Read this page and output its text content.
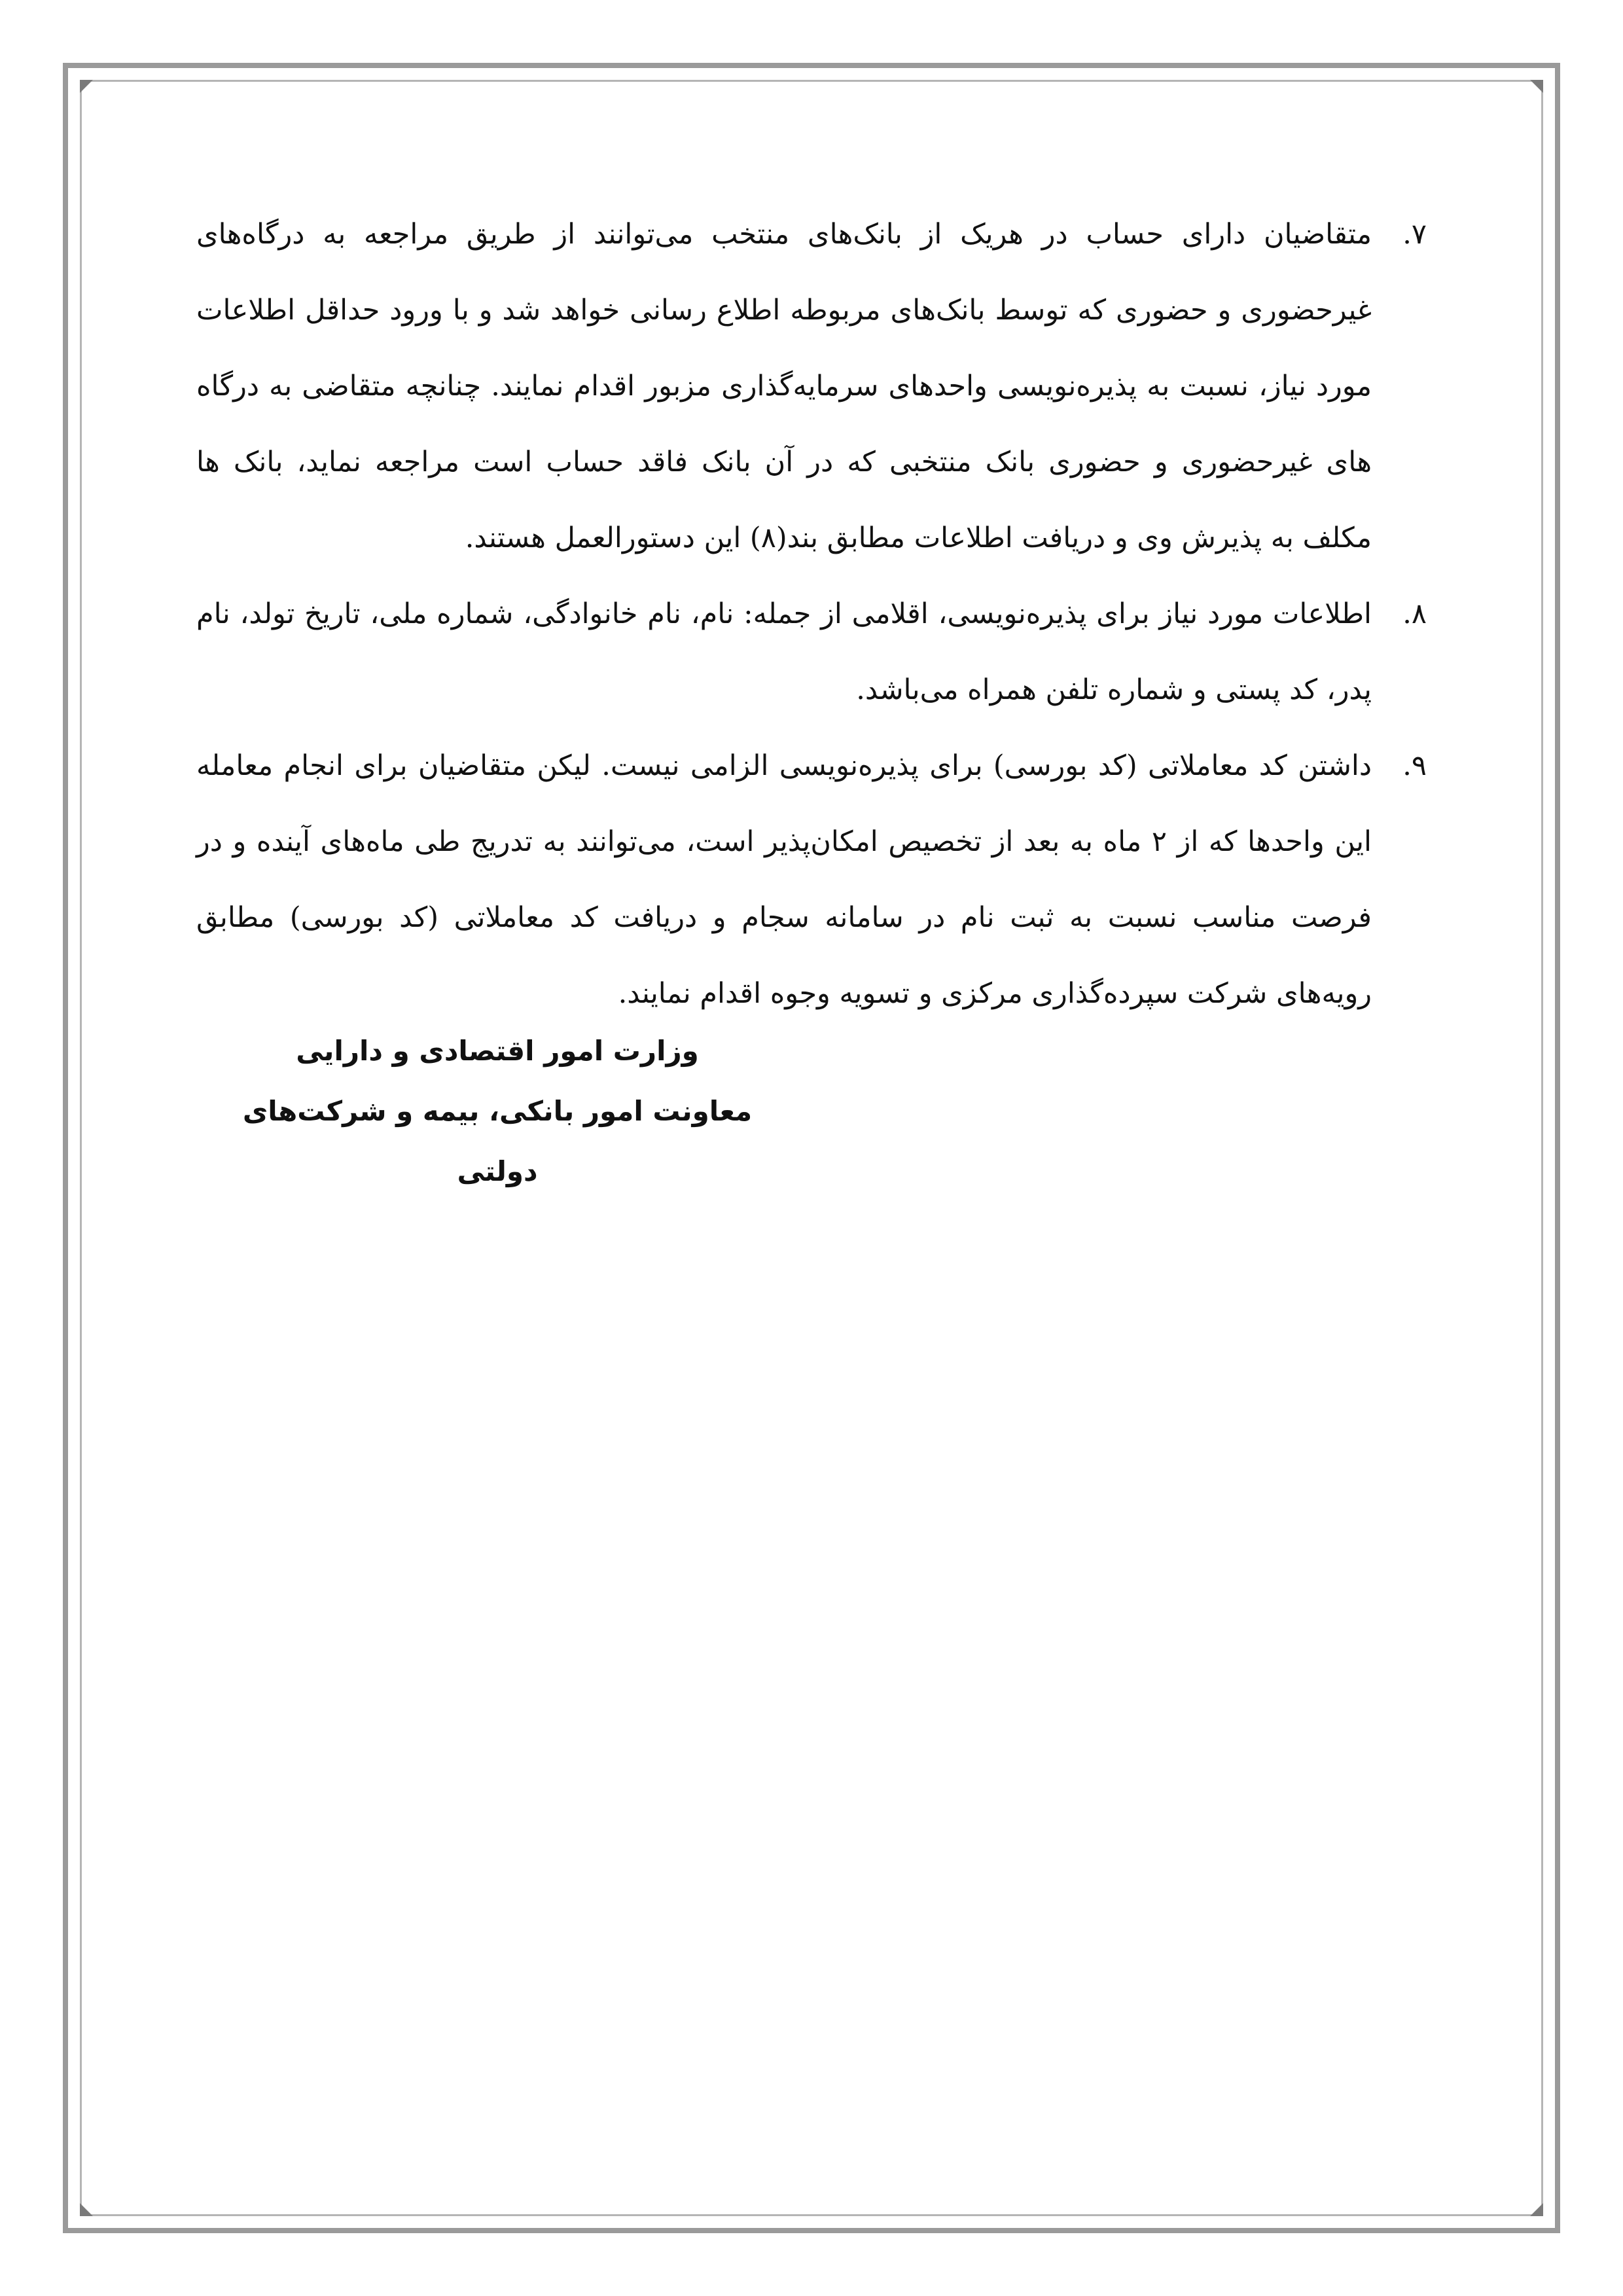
۷.
متقاضیان دارای حساب در هریک از بانک‌های منتخب می‌توانند از طریق مراجعه به درگاه‌های غیرحضوری و حضوری که توسط بانک‌های مربوطه اطلاع رسانی خواهد شد و با ورود حداقل اطلاعات مورد نیاز، نسبت به پذیره‌نویسی واحدهای سرمایه‌گذاری مزبور اقدام نمایند. چنانچه متقاضی به درگاه های غیرحضوری و حضوری بانک منتخبی که در آن بانک فاقد حساب است مراجعه نماید، بانک ها مکلف به پذیرش وی و دریافت اطلاعات مطابق بند(۸) این دستورالعمل هستند.
۸.
اطلاعات مورد نیاز برای پذیره‌نویسی، اقلامی از جمله: نام، نام خانوادگی، شماره ملی، تاریخ تولد، نام پدر، کد پستی و شماره تلفن همراه می‌باشد.
۹.
داشتن کد معاملاتی (کد بورسی) برای پذیره‌نویسی الزامی نیست. لیکن متقاضیان برای انجام معامله این واحدها که از ۲ ماه به بعد از تخصیص امکان‌پذیر است، می‌توانند به تدریج طی ماه‌های آینده و در فرصت مناسب نسبت به ثبت نام در سامانه سجام و دریافت کد معاملاتی (کد بورسی) مطابق رویه‌های شرکت سپرده‌گذاری مرکزی و تسویه وجوه اقدام نمایند.
وزارت امور اقتصادی و دارایی
معاونت امور بانکی، بیمه و شرکت‌های دولتی
